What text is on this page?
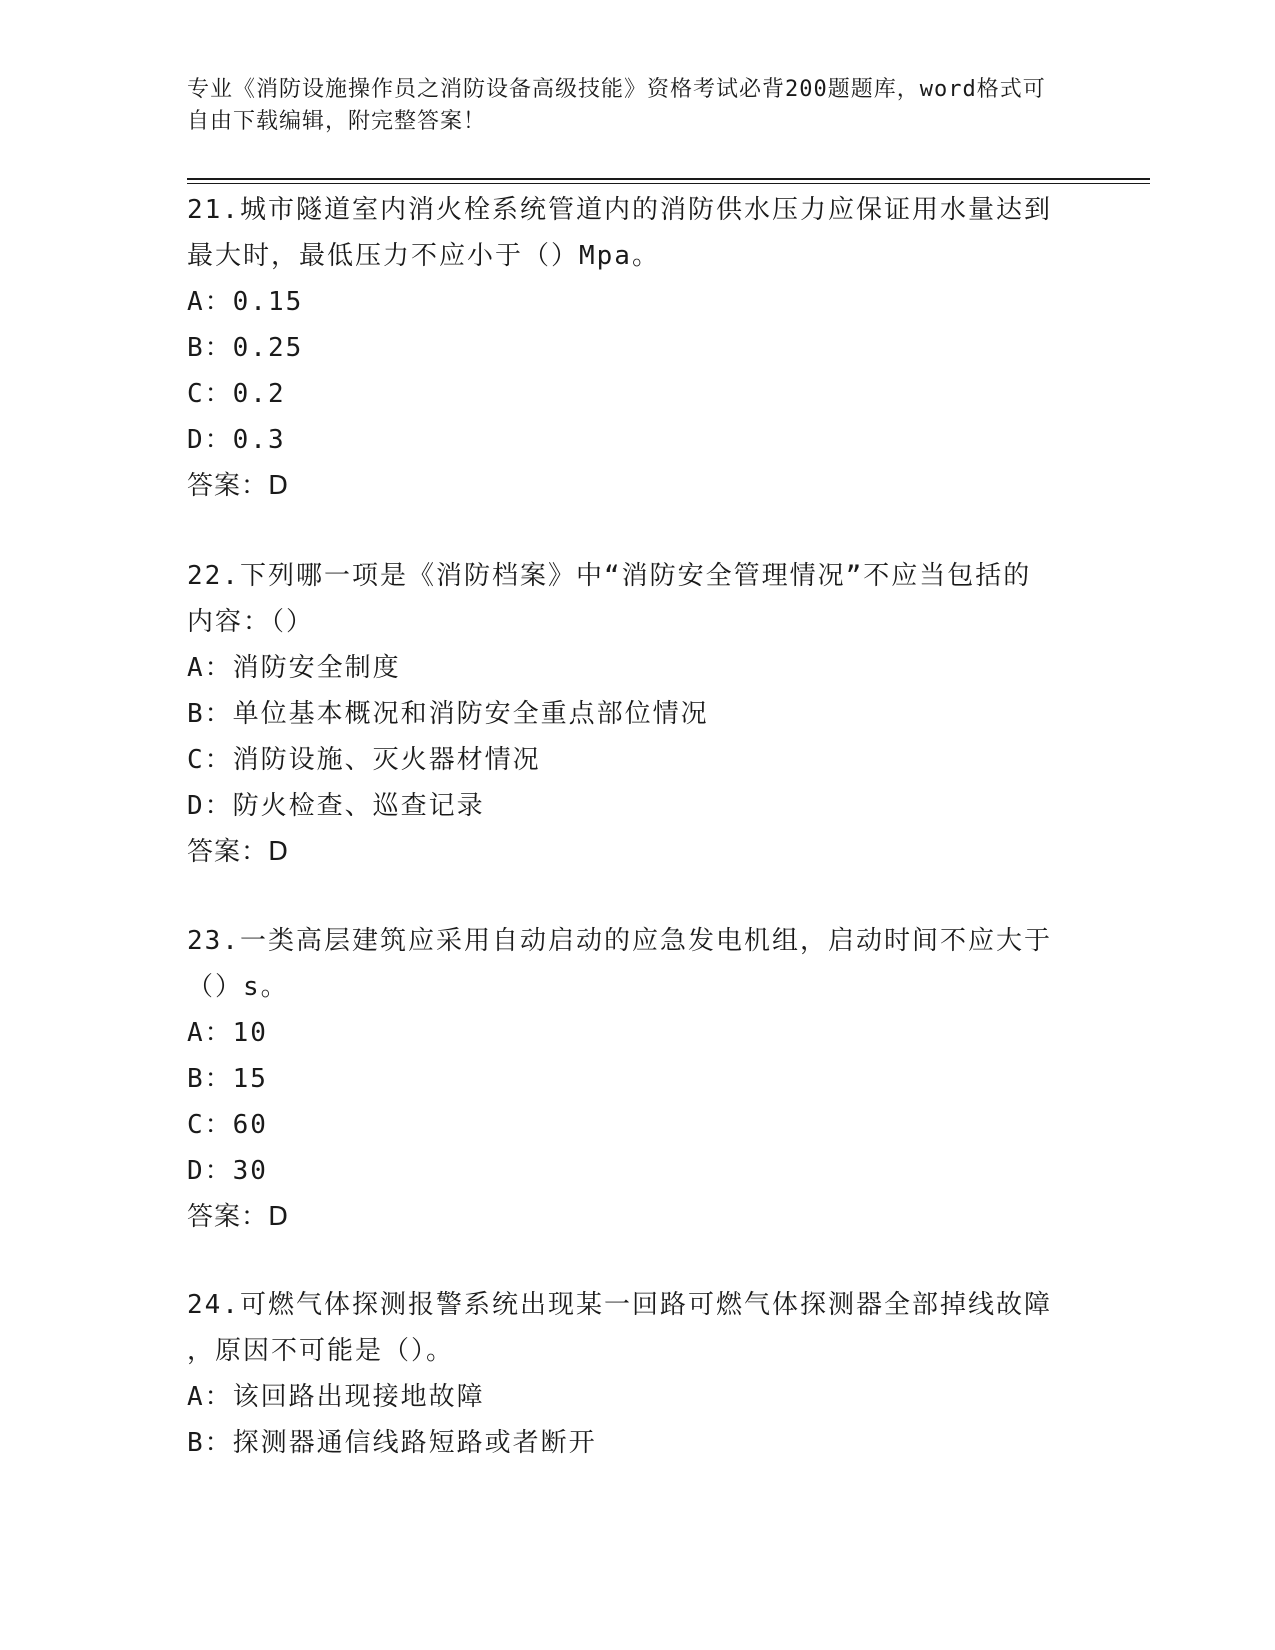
专业《消防设施操作员之消防设备高级技能》资格考试必背200题题库，word格式可自由下载编辑，附完整答案！

21.城市隧道室内消火栓系统管道内的消防供水压力应保证用水量达到

最大时，最低压力不应小于（）Mpa。

A：0.15

B：0.25

C：0.2

D：0.3

答案：D

22.下列哪一项是《消防档案》中“消防安全管理情况”不应当包括的

内容：（）

A：消防安全制度

B：单位基本概况和消防安全重点部位情况

C：消防设施、灭火器材情况

D：防火检查、巡查记录

答案：D

23.一类高层建筑应采用自动启动的应急发电机组，启动时间不应大于

（）s。

A：10

B：15

C：60

D：30

答案：D

24.可燃气体探测报警系统出现某一回路可燃气体探测器全部掉线故障

，原因不可能是（）。

A：该回路出现接地故障

B：探测器通信线路短路或者断开
